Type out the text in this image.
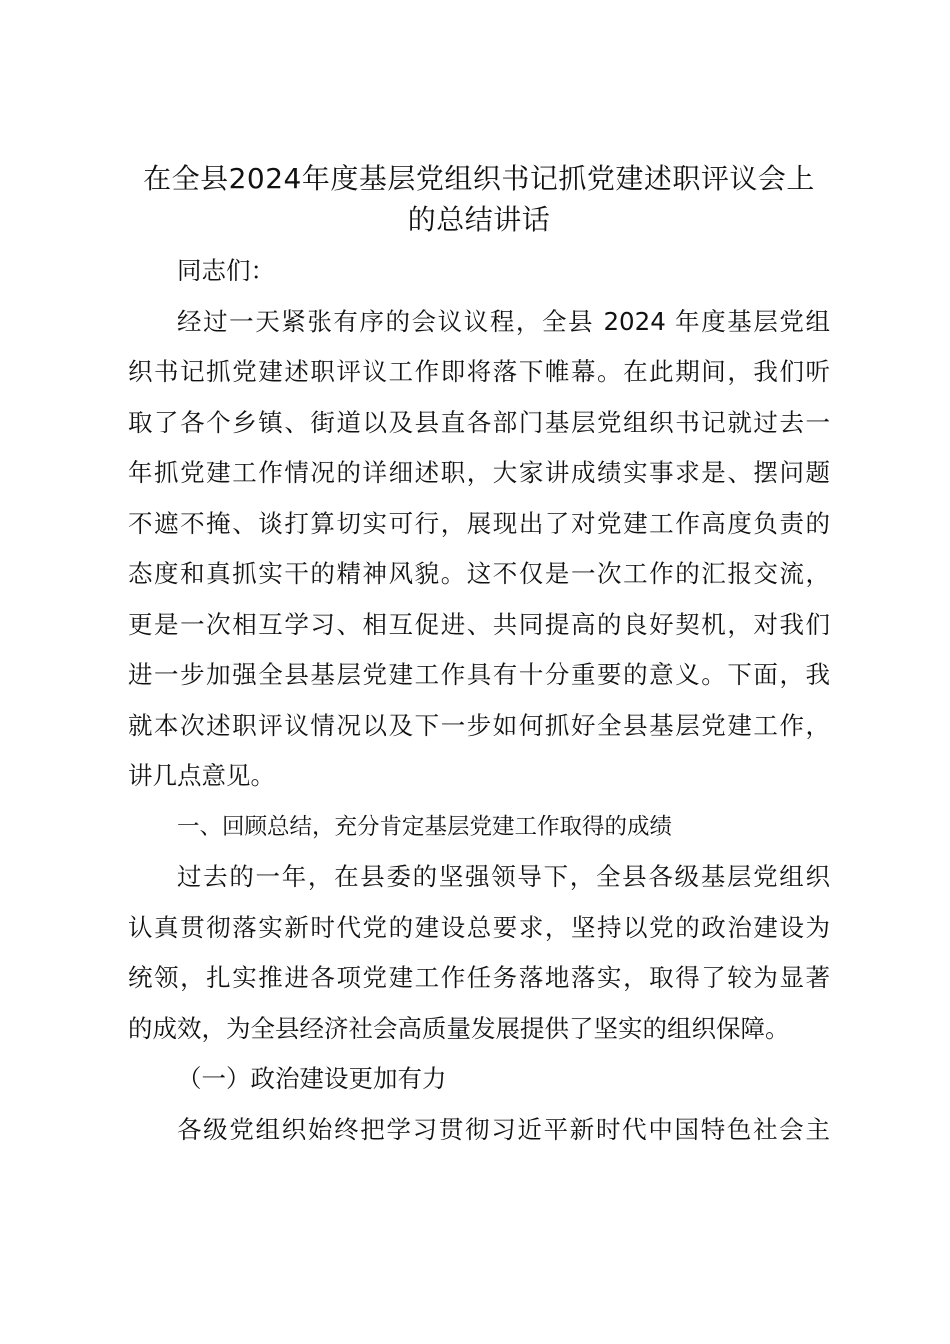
在全县2024年度基层党组织书记抓党建述职评议会上
的总结讲话
同志们：
经过一天紧张有序的会议议程，全县 2024 年度基层党组
织书记抓党建述职评议工作即将落下帷幕。在此期间，我们听
取了各个乡镇、街道以及县直各部门基层党组织书记就过去一
年抓党建工作情况的详细述职，大家讲成绩实事求是、摆问题
不遮不掩、谈打算切实可行，展现出了对党建工作高度负责的
态度和真抓实干的精神风貌。这不仅是一次工作的汇报交流，
更是一次相互学习、相互促进、共同提高的良好契机，对我们
进一步加强全县基层党建工作具有十分重要的意义。下面，我
就本次述职评议情况以及下一步如何抓好全县基层党建工作，
讲几点意见。
一、回顾总结，充分肯定基层党建工作取得的成绩
过去的一年，在县委的坚强领导下，全县各级基层党组织
认真贯彻落实新时代党的建设总要求，坚持以党的政治建设为
统领，扎实推进各项党建工作任务落地落实，取得了较为显著
的成效，为全县经济社会高质量发展提供了坚实的组织保障。
（一）政治建设更加有力
各级党组织始终把学习贯彻习近平新时代中国特色社会主
